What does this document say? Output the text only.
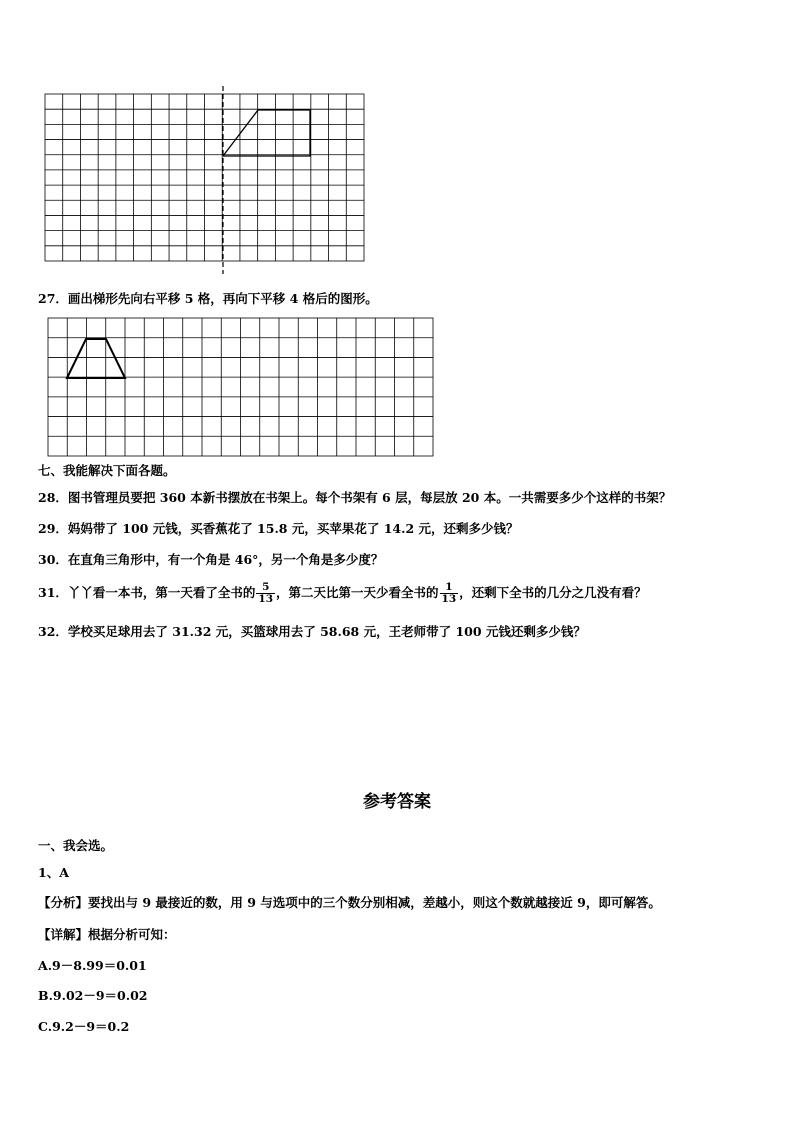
27．画出梯形先向右平移 5 格，再向下平移 4 格后的图形。
七、我能解决下面各题。
28．图书管理员要把 360 本新书摆放在书架上。每个书架有 6 层，每层放 20 本。一共需要多少个这样的书架？
29．妈妈带了 100 元钱，买香蕉花了 15.8 元，买苹果花了 14.2 元，还剩多少钱？
30．在直角三角形中，有一个角是 46°，另一个角是多少度？
31．丫丫看一本书，第一天看了全书的 $\frac{5}{13}$ ，第二天比第一天少看全书的 $\frac{1}{13}$ ，还剩下全书的几分之几没有看？
32．学校买足球用去了 31.32 元，买篮球用去了 58.68 元，王老师带了 100 元钱还剩多少钱？
参考答案
一、我会选。
1、A
【分析】要找出与 9 最接近的数，用 9 与选项中的三个数分别相减，差越小，则这个数就越接近 9，即可解答。
【详解】根据分析可知：
A.9－8.99＝0.01
B.9.02－9＝0.02
C.9.2－9＝0.2
